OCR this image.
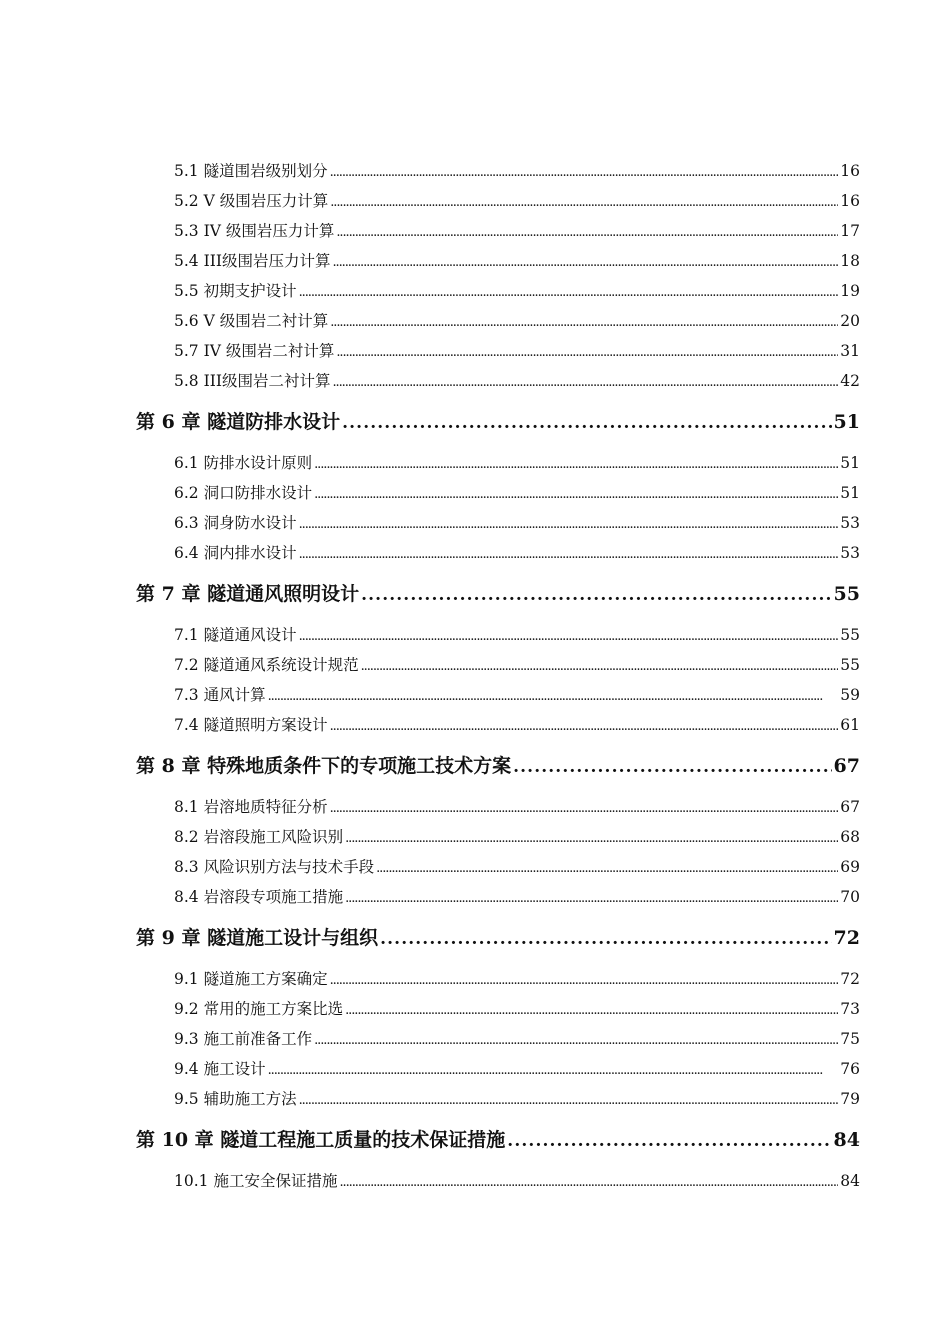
5.1 隧道围岩级别划分 . . .	16
5.2 V 级围岩压力计算 . . .	16
5.3 IV 级围岩压力计算 . . .	17
5.4 III级围岩压力计算 . . .	18
5.5 初期支护设计 . . .	19
5.6 V 级围岩二衬计算 . . .	20
5.7 IV 级围岩二衬计算 . . .	31
5.8 III级围岩二衬计算 . . .	42
第 6 章 隧道防排水设计 . . .	51
6.1 防排水设计原则 . . .	51
6.2 洞口防排水设计 . . .	51
6.3 洞身防水设计 . . .	53
6.4 洞内排水设计 . . .	53
第 7 章 隧道通风照明设计 . . .	55
7.1 隧道通风设计 . . .	55
7.2 隧道通风系统设计规范 . . .	55
7.3 通风计算 . . .	59
7.4 隧道照明方案设计 . . .	61
第 8 章 特殊地质条件下的专项施工技术方案 . . .	67
8.1 岩溶地质特征分析 . . .	67
8.2 岩溶段施工风险识别 . . .	68
8.3 风险识别方法与技术手段 . . .	69
8.4 岩溶段专项施工措施 . . .	70
第 9 章 隧道施工设计与组织 . . .	72
9.1 隧道施工方案确定 . . .	72
9.2 常用的施工方案比选 . . .	73
9.3 施工前准备工作 . . .	75
9.4 施工设计 . . .	76
9.5 辅助施工方法 . . .	79
第 10 章 隧道工程施工质量的技术保证措施 . . .	84
10.1 施工安全保证措施 . . .	84
